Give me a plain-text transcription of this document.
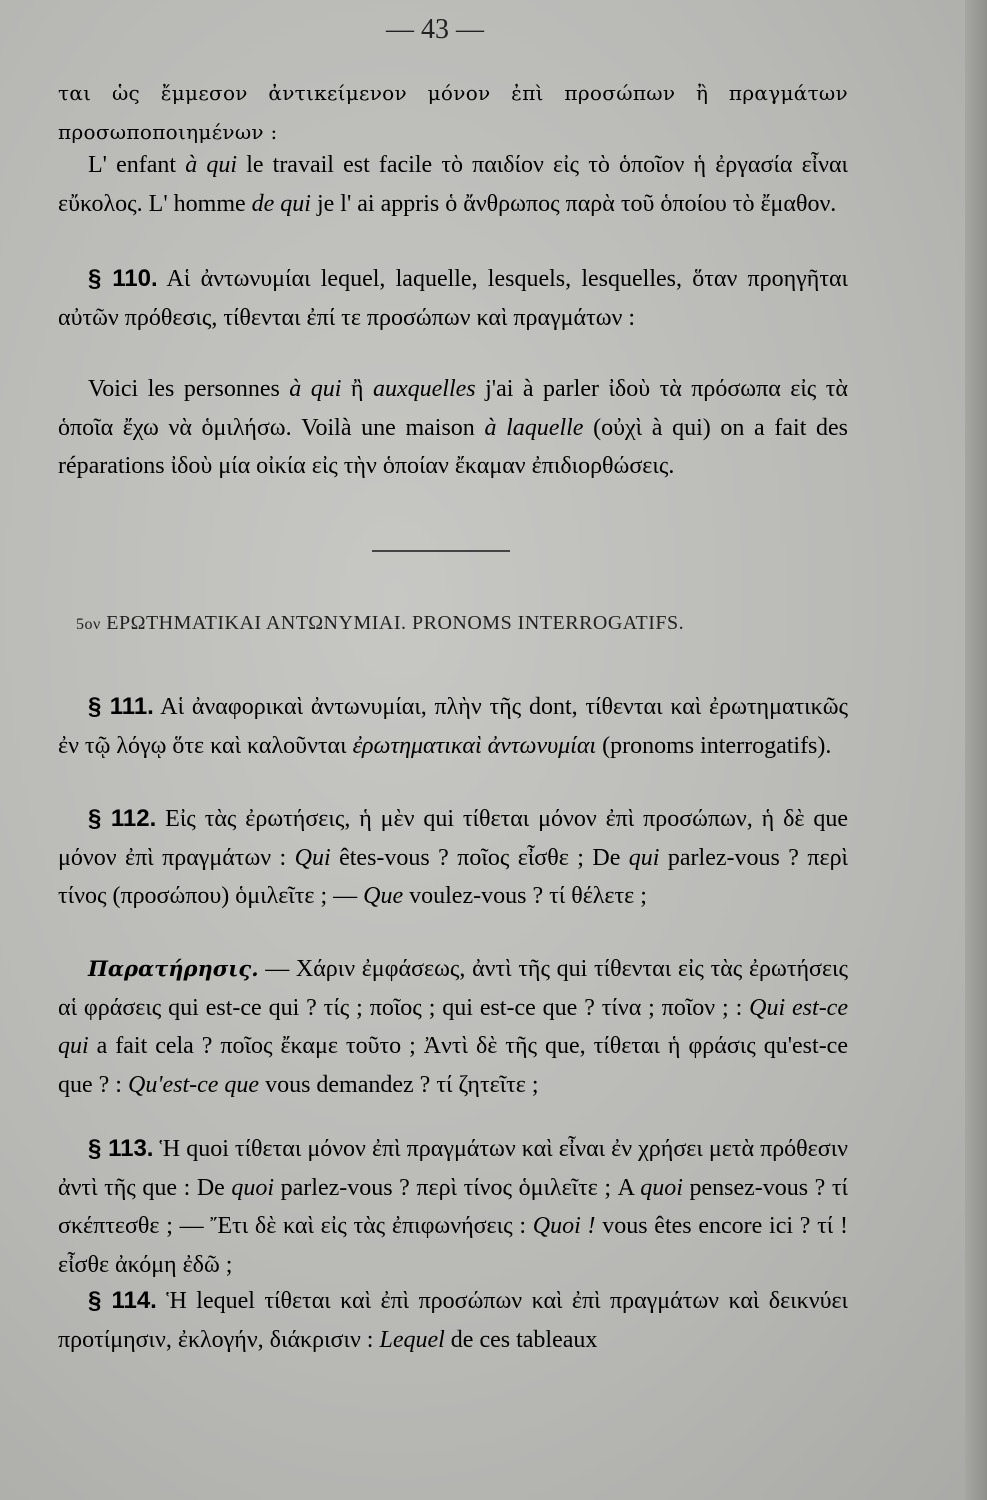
— 43 —

ται ὡς ἔμμεσον ἀντικείμενον μόνον ἐπὶ προσώπων ἢ πραγμάτων προσωποποιημένων :

L' enfant à qui le travail est facile τὸ παιδίον εἰς τὸ ὁποῖον ἡ ἐργασία εἶναι εὔκολος. L' homme de qui je l' ai appris ὁ ἄνθρωπος παρὰ τοῦ ὁποίου τὸ ἔμαθον.

§ 110. Αἱ ἀντωνυμίαι lequel, laquelle, lesquels, lesquelles, ὅταν προηγῆται αὐτῶν πρόθεσις, τίθενται ἐπί τε προσώπων καὶ πραγμάτων :

Voici les personnes à qui ἢ auxquelles j'ai à parler ἰδοὺ τὰ πρόσωπα εἰς τὰ ὁποῖα ἔχω νὰ ὁμιλήσω. Voilà une maison à laquelle (οὐχὶ à qui) on a fait des réparations ἰδοὺ μία οἰκία εἰς τὴν ὁποίαν ἔκαμαν ἐπιδιορθώσεις.

5ον ΕΡΩΤΗΜΑΤΙΚΑΙ ΑΝΤΩΝΥΜΙΑΙ. PRONOMS INTERROGATIFS.

§ 111. Αἱ ἀναφορικαὶ ἀντωνυμίαι, πλὴν τῆς dont, τίθενται καὶ ἐρωτηματικῶς ἐν τῷ λόγῳ ὅτε καὶ καλοῦνται ἐρωτηματικαὶ ἀντωνυμίαι (pronoms interrogatifs).

§ 112. Εἰς τὰς ἐρωτήσεις, ἡ μὲν qui τίθεται μόνον ἐπὶ προσώπων, ἡ δὲ que μόνον ἐπὶ πραγμάτων : Qui êtes-vous ? ποῖος εἶσθε ; De qui parlez-vous ? περὶ τίνος (προσώπου) ὁμιλεῖτε ; — Que voulez-vous ? τί θέλετε ;

Παρατήρησις. — Χάριν ἐμφάσεως, ἀντὶ τῆς qui τίθενται εἰς τὰς ἐρωτήσεις αἱ φράσεις qui est-ce qui ? τίς ; ποῖος ; qui est-ce que ? τίνα ; ποῖον ; : Qui est-ce qui a fait cela ? ποῖος ἔκαμε τοῦτο ; Ἀντὶ δὲ τῆς que, τίθεται ἡ φράσις qu'est-ce que ? : Qu'est-ce que vous demandez ? τί ζητεῖτε ;

§ 113. Ἡ quoi τίθεται μόνον ἐπὶ πραγμάτων καὶ εἶναι ἐν χρήσει μετὰ πρόθεσιν ἀντὶ τῆς que : De quoi parlez-vous ? περὶ τίνος ὁμιλεῖτε ; A quoi pensez-vous ? τί σκέπτεσθε ; — Ἔτι δὲ καὶ εἰς τὰς ἐπιφωνήσεις : Quoi ! vous êtes encore ici ? τί ! εἶσθε ἀκόμη ἐδῶ ;

§ 114. Ἡ lequel τίθεται καὶ ἐπὶ προσώπων καὶ ἐπὶ πραγμάτων καὶ δεικνύει προτίμησιν, ἐκλογήν, διάκρισιν : Lequel de ces tableaux
